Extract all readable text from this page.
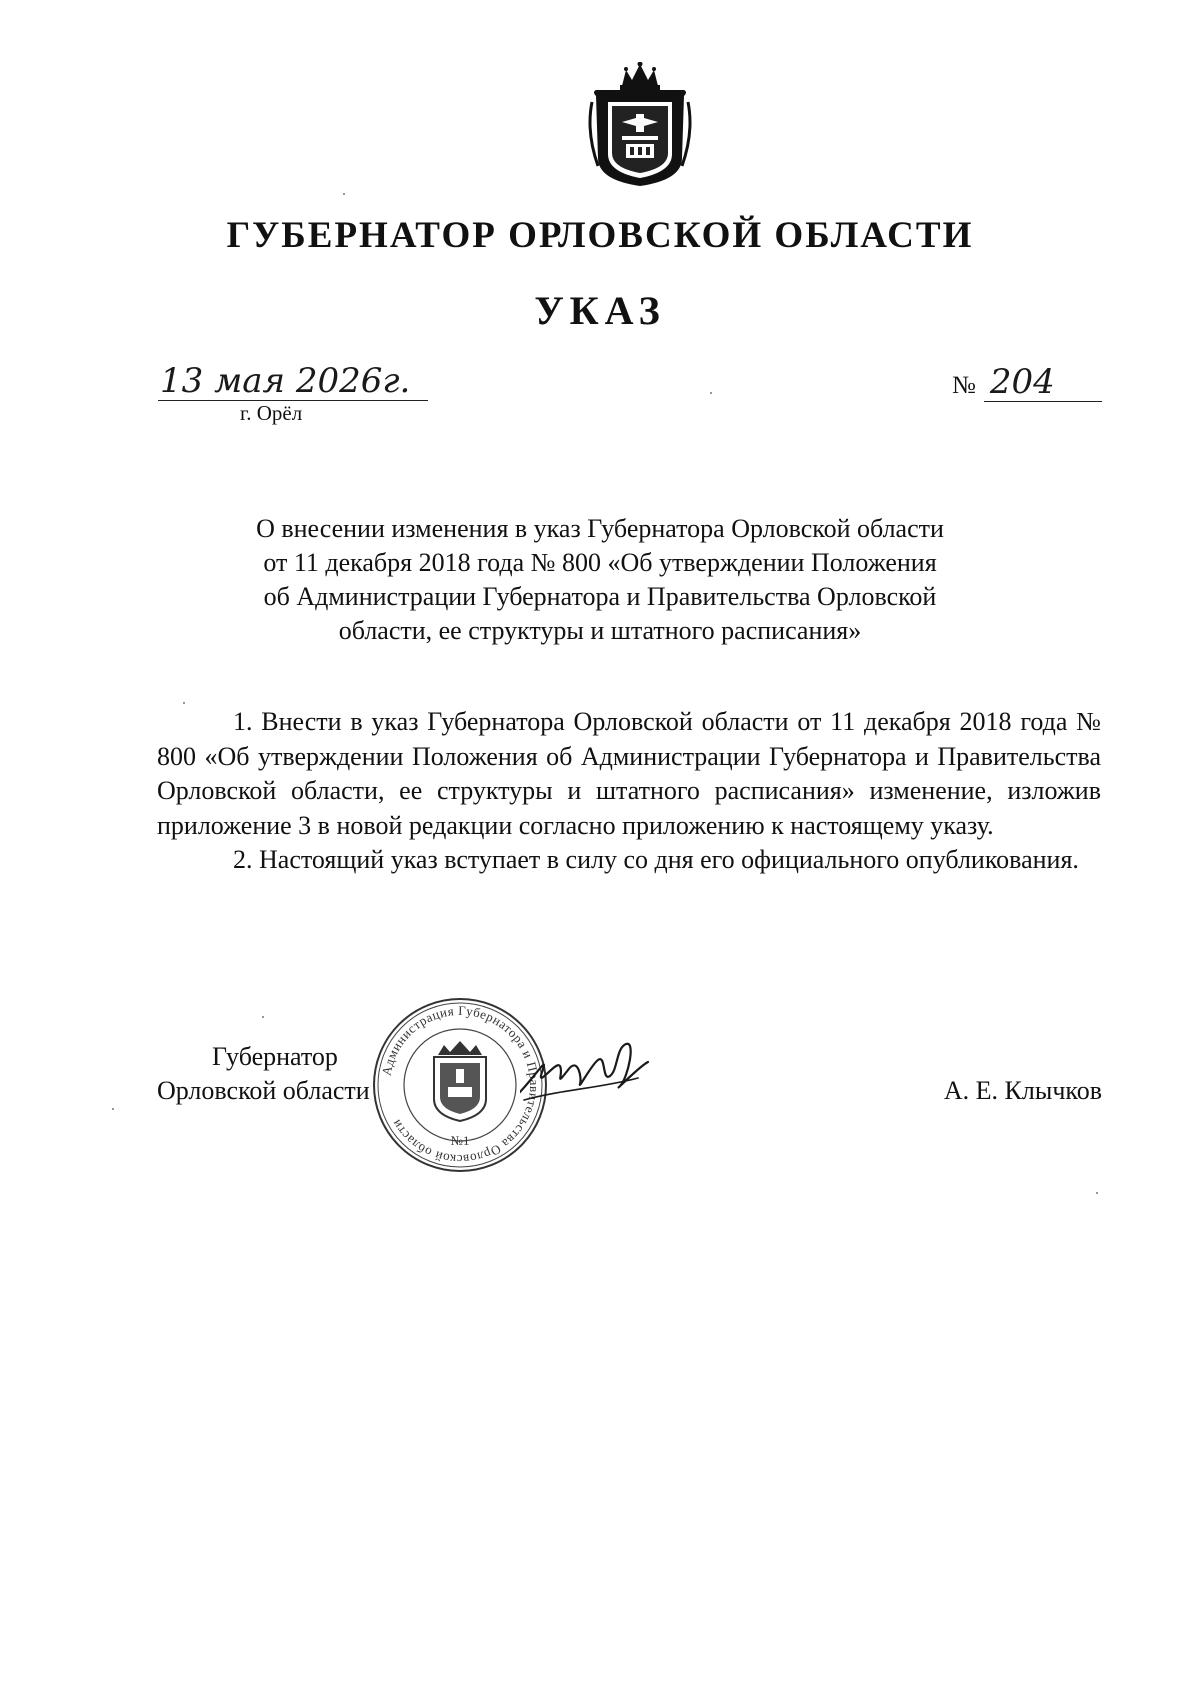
ГУБЕРНАТОР ОРЛОВСКОЙ ОБЛАСТИ
УКАЗ
13 мая 2026г.
г. Орёл
№ 204
О внесении изменения в указ Губернатора Орловской области
от 11 декабря 2018 года № 800 «Об утверждении Положения
об Администрации Губернатора и Правительства Орловской
области, ее структуры и штатного расписания»

1. Внести в указ Губернатора Орловской области от 11 декабря 2018 года № 800 «Об утверждении Положения об Администрации Губернатора и Правительства Орловской области, ее структуры и штатного расписания» изменение, изложив приложение 3 в новой редакции согласно приложению к настоящему указу.

2. Настоящий указ вступает в силу со дня его официального опубликования.

Губернатор
Орловской области	А. Е. Клычков
Администрация Губернатора и Правительства Орловской области
№1
